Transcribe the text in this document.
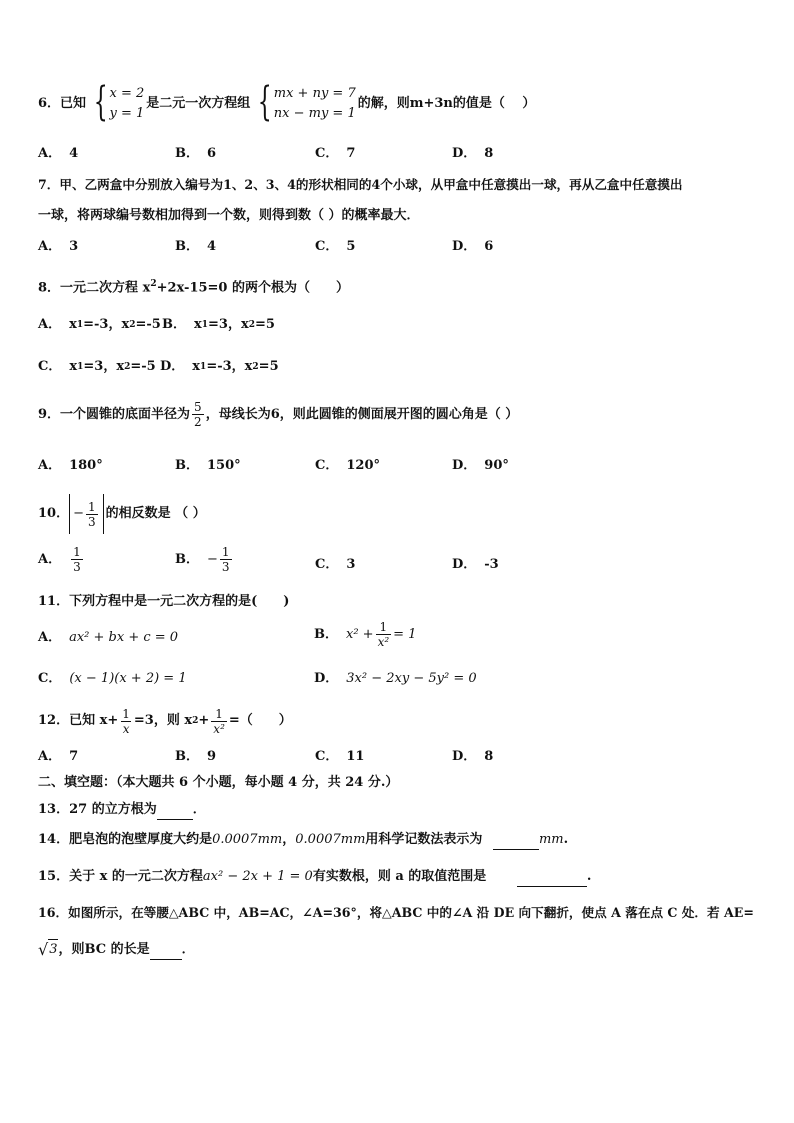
6．已知 { x = 2
y = 1
是二元一次方程组 { mx + ny = 7
nx − my = 1
的解，则m+3n的值是（　 ）
A． 4	B． 6	C． 7	D． 8
7．甲、乙两盒中分别放入编号为1、2、3、4的形状相同的4个小球，从甲盒中任意摸出一球，再从乙盒中任意摸出
一球，将两球编号数相加得到一个数，则得到数（ ）的概率最大．
A． 3	B． 4	C． 5	D． 6
8．一元二次方程 $x^2+2x-15=0$ 的两个根为（　　）
A． x 1 =-3，x 2 =-5 B． x 1 =3，x 2 =5
C． x 1 =3，x 2 =-5 D． x 1 =-3，x 2 =5
9．一个圆锥的底面半径为 $\frac{5}{2}$ ，母线长为6，则此圆锥的侧面展开图的圆心角是（ ）
A． 180°	B． 150°	C． 120°	D． 90°
10． − $\frac{1}{3}$ 的相反数是 （ ）
A． $\frac{1}{3}$	B． − $\frac{1}{3}$	C． 3	D． -3
11．下列方程中是一元二次方程的是(　　)
A． ax² + bx + c = 0	B． $x^2 + \frac{1}{\text{x²}} = 1$
C． (x − 1)(x + 2) = 1	D． 3x² − 2xy − 5y² = 0
12．已知 $x+ \frac{1}{x} =3$，则 x $2 + \frac{1}{\text{x²}}$ =（　　）
A． 7	B． 9	C． 11	D． 8
二、填空题：（本大题共 6 个小题，每小题 4 分，共 24 分.）
13．27 的立方根为	．
14．肥皂泡的泡壁厚度大约是0.0007mm，0.0007mm用科学记数法表示为	mm.
15．关于 x 的一元二次方程ax² − 2x + 1 = 0有实数根，则 a 的取值范围是	.
16．如图所示，在等腰△ABC 中，AB=AC，∠A=36°，将△ABC 中的∠A 沿 DE 向下翻折，使点 A 落在点 C 处．若 AE=
√ 3 ，则BC 的长是 ．
